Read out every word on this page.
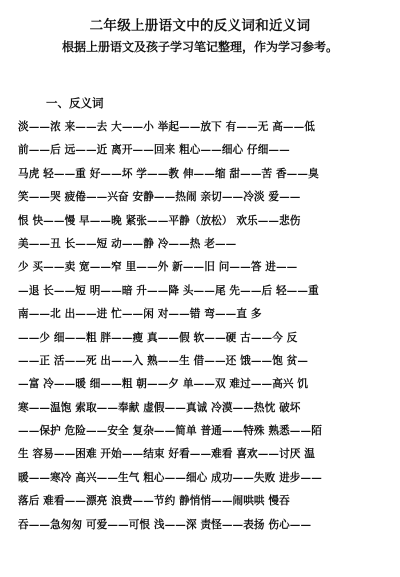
二年级上册语文中的反义词和近义词
根据上册语文及孩子学习笔记整理，作为学习参考。
一、反义词
淡——浓 来——去 大——小 举起——放下 有——无 高——低
前——后 远——近 离开——回来 粗心——细心 仔细——
马虎 轻——重 好——坏 学——教 伸——缩 甜——苦 香——臭
笑——哭 疲倦——兴奋 安静——热闹 亲切——冷淡 爱——
恨 快——慢 早——晚 紧张——平静（放松） 欢乐——悲伤
美——丑 长——短 动——静 冷——热 老——
少 买——卖 宽——窄 里——外 新——旧 问——答 进——
—退 长——短 明——暗 升——降 头——尾 先——后 轻——重
南——北 出——进 忙——闲 对——错 弯——直 多
——少 细——粗 胖——瘦 真——假 软——硬 古——今 反
——正 活——死 出——入 熟——生 借——还 饿——饱 贫—
—富 冷——暖 细——粗 朝——夕 单——双 难过——高兴 饥
寒——温饱 索取——奉献 虚假——真诚 冷漠——热忱 破坏
——保护 危险——安全 复杂——简单 普通——特殊 熟悉——陌
生 容易——困难 开始——结束 好看——难看 喜欢——讨厌 温
暖——寒冷 高兴——生气 粗心——细心 成功——失败 进步——
落后 难看——漂亮 浪费——节约 静悄悄——闹哄哄 慢吞
吞——急匆匆 可爱——可恨 浅——深 责怪——表扬 伤心——
